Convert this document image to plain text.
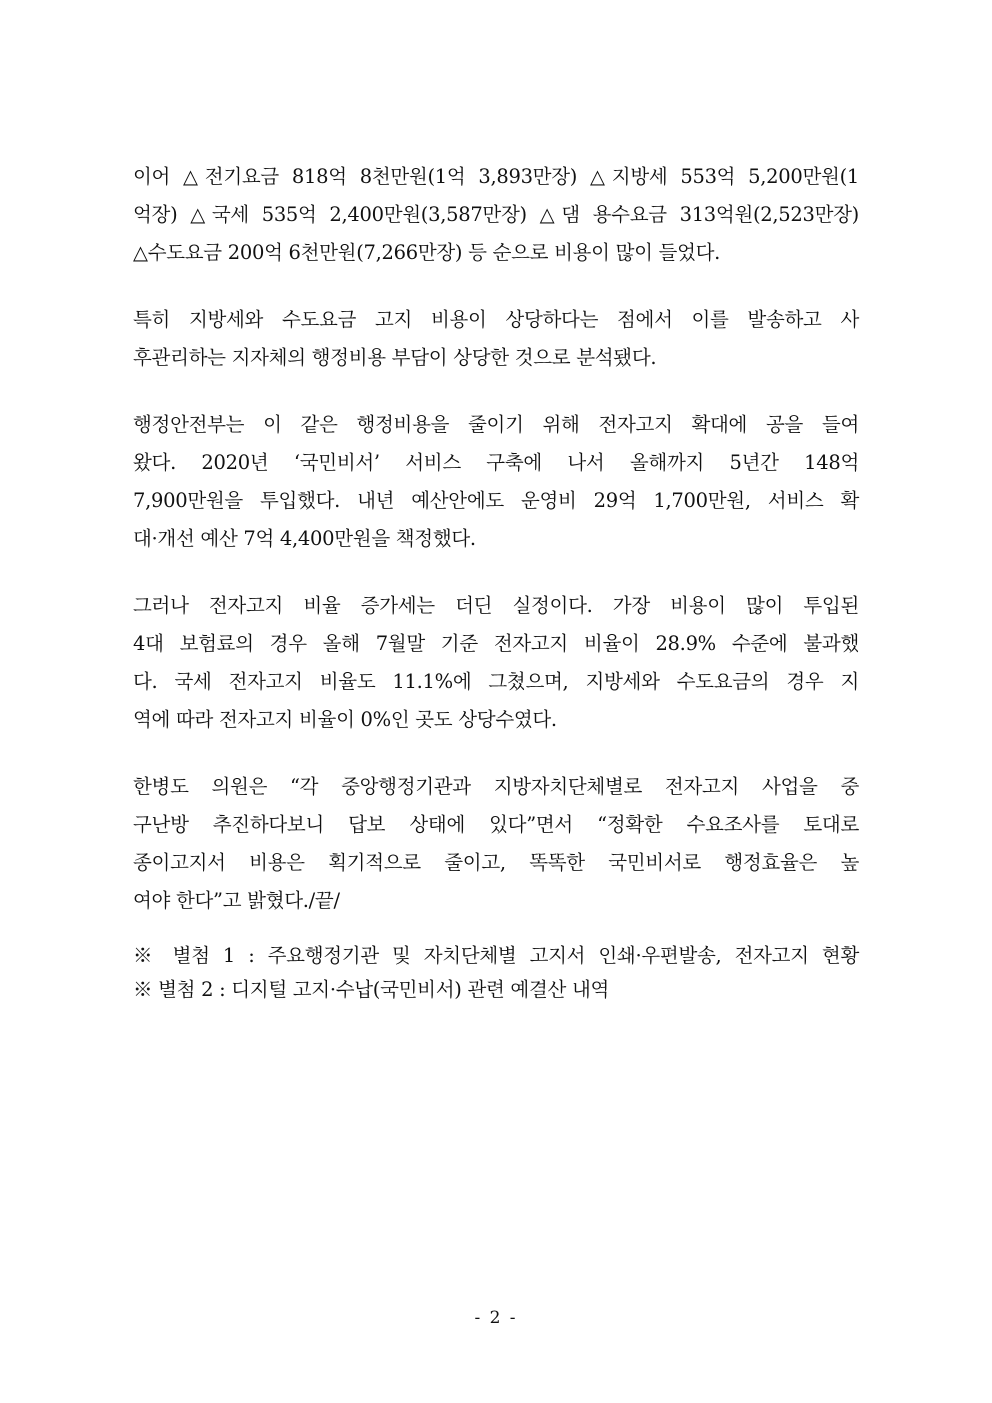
이어 △전기요금 818억 8천만원(1억 3,893만장) △지방세 553억 5,200만원(1
억장) △국세 535억 2,400만원(3,587만장) △댐 용수요금 313억원(2,523만장)
△수도요금 200억 6천만원(7,266만장) 등 순으로 비용이 많이 들었다.
특히 지방세와 수도요금 고지 비용이 상당하다는 점에서 이를 발송하고 사
후관리하는 지자체의 행정비용 부담이 상당한 것으로 분석됐다.
행정안전부는 이 같은 행정비용을 줄이기 위해 전자고지 확대에 공을 들여
왔다. 2020년 ‘국민비서’ 서비스 구축에 나서 올해까지 5년간 148억
7,900만원을 투입했다. 내년 예산안에도 운영비 29억 1,700만원, 서비스 확
대·개선 예산 7억 4,400만원을 책정했다.
그러나 전자고지 비율 증가세는 더딘 실정이다. 가장 비용이 많이 투입된
4대 보험료의 경우 올해 7월말 기준 전자고지 비율이 28.9% 수준에 불과했
다. 국세 전자고지 비율도 11.1%에 그쳤으며, 지방세와 수도요금의 경우 지
역에 따라 전자고지 비율이 0%인 곳도 상당수였다.
한병도 의원은 “각 중앙행정기관과 지방자치단체별로 전자고지 사업을 중
구난방 추진하다보니 답보 상태에 있다”면서 “정확한 수요조사를 토대로
종이고지서 비용은 획기적으로 줄이고, 똑똑한 국민비서로 행정효율은 높
여야 한다”고 밝혔다./끝/
※ 별첨 1 : 주요행정기관 및 자치단체별 고지서 인쇄·우편발송, 전자고지 현황
※ 별첨 2 : 디지털 고지·수납(국민비서) 관련 예결산 내역
- 2 -
